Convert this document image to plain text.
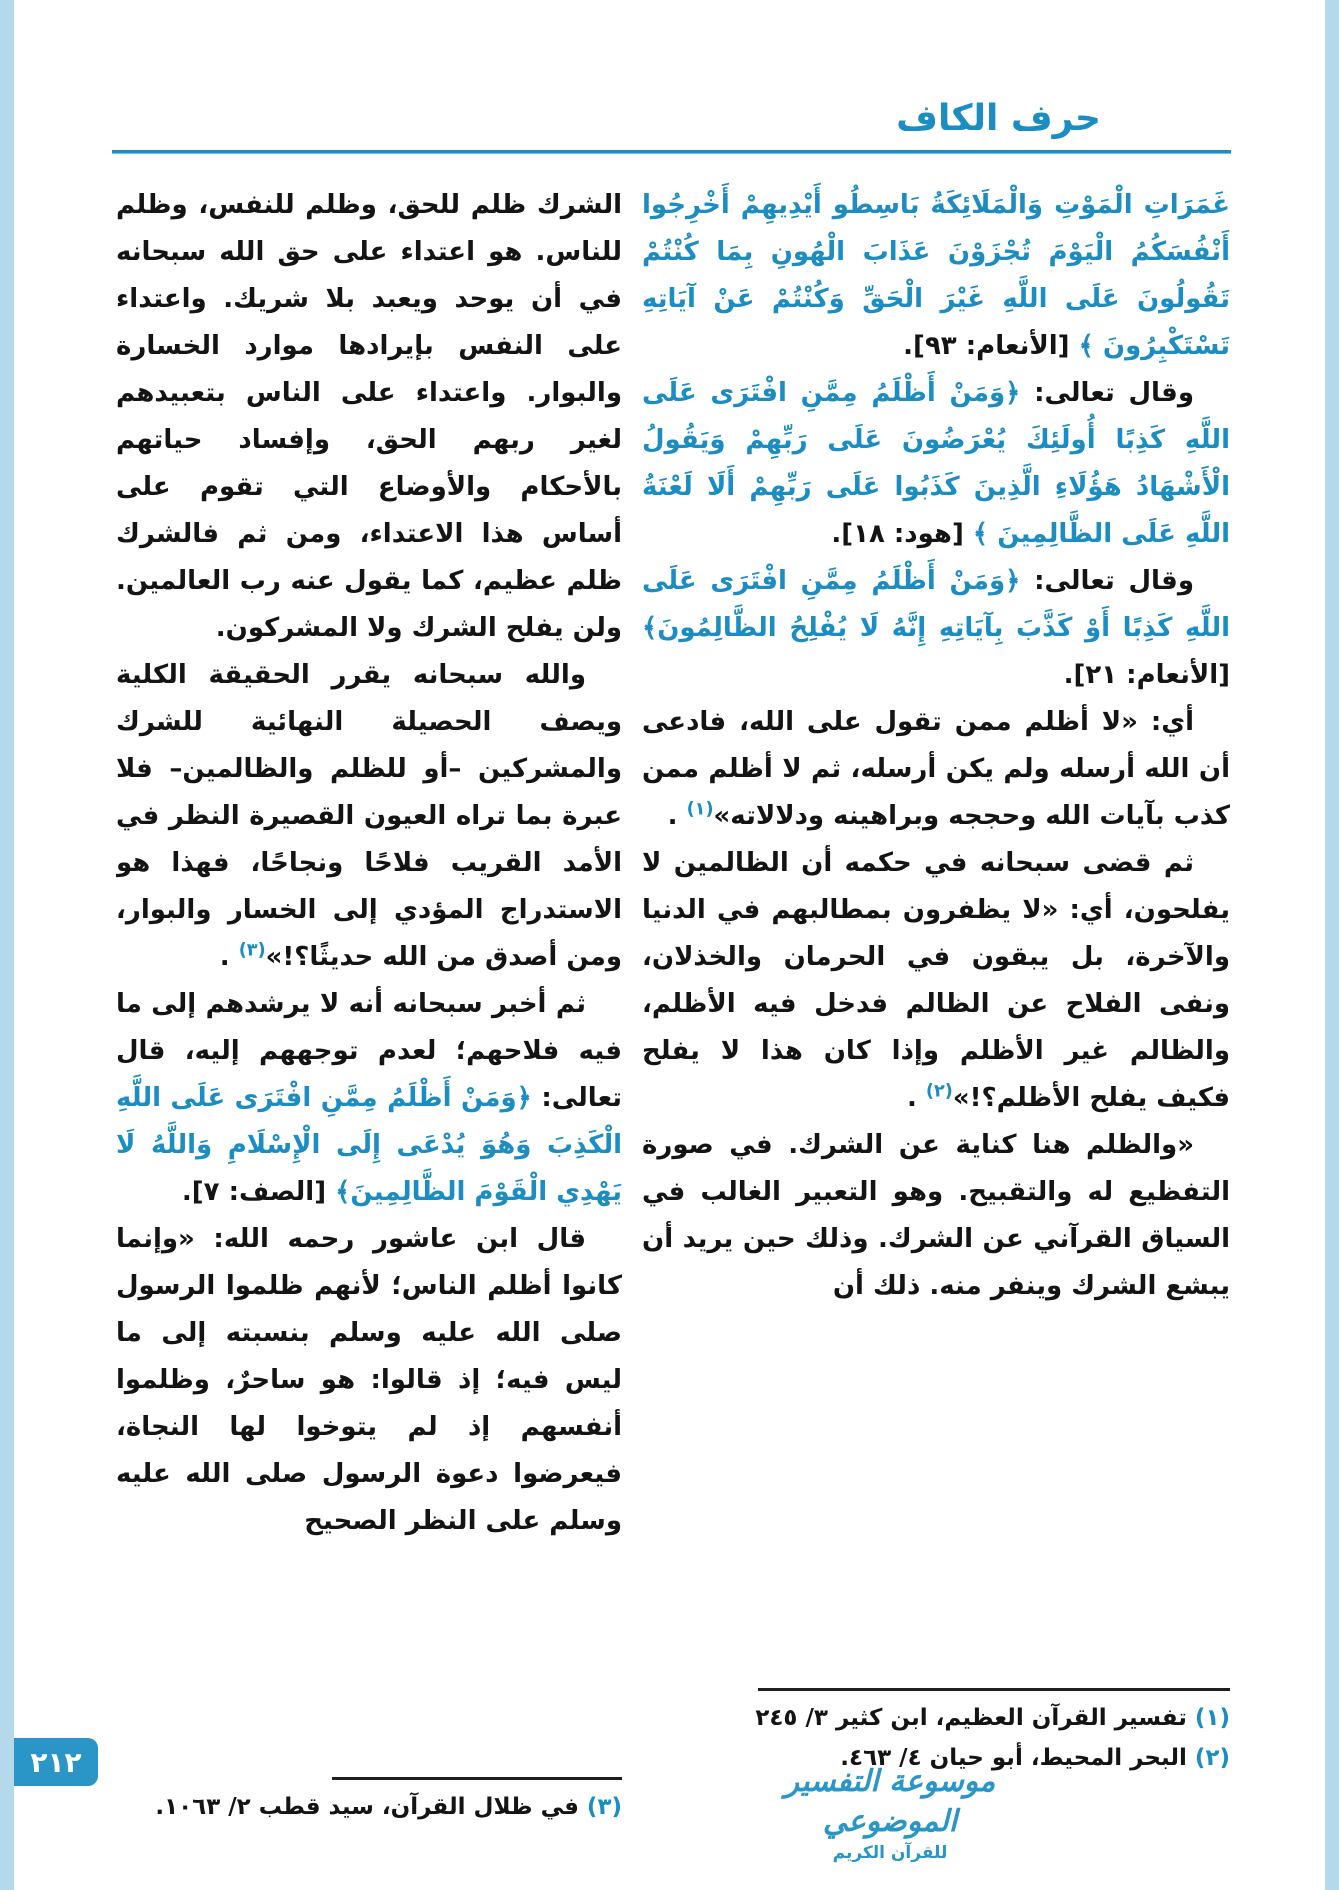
حرف الكاف

غَمَرَاتِ الْمَوْتِ وَالْمَلَائِكَةُ بَاسِطُو أَيْدِيهِمْ أَخْرِجُوا أَنْفُسَكُمُ الْيَوْمَ تُجْزَوْنَ عَذَابَ الْهُونِ بِمَا كُنْتُمْ تَقُولُونَ عَلَى اللَّهِ غَيْرَ الْحَقِّ وَكُنْتُمْ عَنْ آيَاتِهِ تَسْتَكْبِرُونَ ﴾ [الأنعام: ٩٣].

وقال تعالى: ﴿وَمَنْ أَظْلَمُ مِمَّنِ افْتَرَى عَلَى اللَّهِ كَذِبًا أُولَئِكَ يُعْرَضُونَ عَلَى رَبِّهِمْ وَيَقُولُ الْأَشْهَادُ هَؤُلَاءِ الَّذِينَ كَذَبُوا عَلَى رَبِّهِمْ أَلَا لَعْنَةُ اللَّهِ عَلَى الظَّالِمِينَ ﴾ [هود: ١٨].

وقال تعالى: ﴿وَمَنْ أَظْلَمُ مِمَّنِ افْتَرَى عَلَى اللَّهِ كَذِبًا أَوْ كَذَّبَ بِآيَاتِهِ إِنَّهُ لَا يُفْلِحُ الظَّالِمُونَ﴾ [الأنعام: ٢١].

أي: «لا أظلم ممن تقول على الله، فادعى أن الله أرسله ولم يكن أرسله، ثم لا أظلم ممن كذب بآيات الله وحججه وبراهينه ودلالاته»$^{(١)}$ .

ثم قضى سبحانه في حكمه أن الظالمين لا يفلحون، أي: «لا يظفرون بمطالبهم في الدنيا والآخرة، بل يبقون في الحرمان والخذلان، ونفى الفلاح عن الظالم فدخل فيه الأظلم، والظالم غير الأظلم وإذا كان هذا لا يفلح فكيف يفلح الأظلم؟!»$^{(٢)}$ .

«والظلم هنا كناية عن الشرك. في صورة التفظيع له والتقبيح. وهو التعبير الغالب في السياق القرآني عن الشرك. وذلك حين يريد أن يبشع الشرك وينفر منه. ذلك أن

الشرك ظلم للحق، وظلم للنفس، وظلم للناس. هو اعتداء على حق الله سبحانه في أن يوحد ويعبد بلا شريك. واعتداء على النفس بإيرادها موارد الخسارة والبوار. واعتداء على الناس بتعبيدهم لغير ربهم الحق، وإفساد حياتهم بالأحكام والأوضاع التي تقوم على أساس هذا الاعتداء، ومن ثم فالشرك ظلم عظيم، كما يقول عنه رب العالمين. ولن يفلح الشرك ولا المشركون.

والله سبحانه يقرر الحقيقة الكلية ويصف الحصيلة النهائية للشرك والمشركين –أو للظلم والظالمين– فلا عبرة بما تراه العيون القصيرة النظر في الأمد القريب فلاحًا ونجاحًا، فهذا هو الاستدراج المؤدي إلى الخسار والبوار، ومن أصدق من الله حديثًا؟!»$^{(٣)}$ .

ثم أخبر سبحانه أنه لا يرشدهم إلى ما فيه فلاحهم؛ لعدم توجههم إليه، قال تعالى: ﴿وَمَنْ أَظْلَمُ مِمَّنِ افْتَرَى عَلَى اللَّهِ الْكَذِبَ وَهُوَ يُدْعَى إِلَى الْإِسْلَامِ وَاللَّهُ لَا يَهْدِي الْقَوْمَ الظَّالِمِينَ﴾ [الصف: ٧].

قال ابن عاشور رحمه الله: «وإنما كانوا أظلم الناس؛ لأنهم ظلموا الرسول صلى الله عليه وسلم بنسبته إلى ما ليس فيه؛ إذ قالوا: هو ساحرٌ، وظلموا أنفسهم إذ لم يتوخوا لها النجاة، فيعرضوا دعوة الرسول صلى الله عليه وسلم على النظر الصحيح

(١) تفسير القرآن العظيم، ابن كثير ٣/ ٢٤٥
(٢) البحر المحيط، أبو حيان ٤/ ٤٦٣.
(٣) في ظلال القرآن، سيد قطب ٢/ ١٠٦٣.
٢١٢
موسوعة التفسير الموضوعي
للقرآن الكريم
